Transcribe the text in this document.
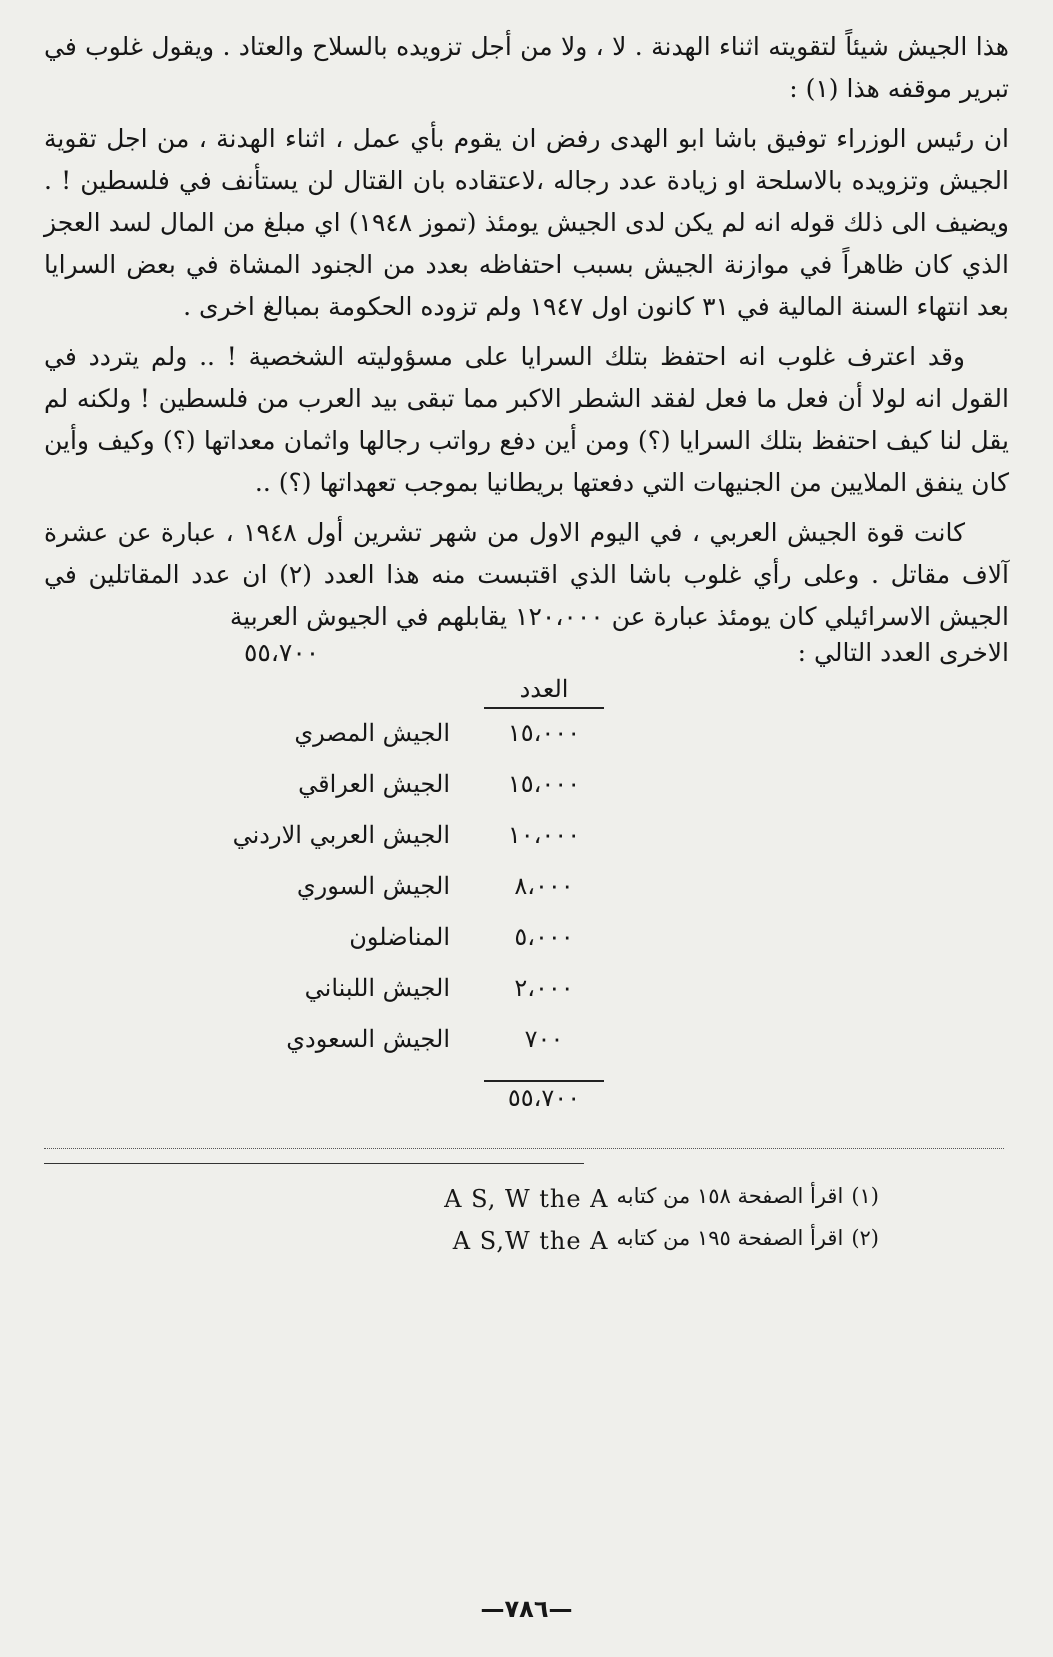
هذا الجيش شيئاً لتقويته اثناء الهدنة . لا ، ولا من أجل تزويده بالسلاح والعتاد . ويقول غلوب في تبرير موقفه هذا (١) :

ان رئيس الوزراء توفيق باشا ابو الهدى رفض ان يقوم بأي عمل ، اثناء الهدنة ، من اجل تقوية الجيش وتزويده بالاسلحة او زيادة عدد رجاله ،لاعتقاده بان القتال لن يستأنف في فلسطين ! . ويضيف الى ذلك قوله انه لم يكن لدى الجيش يومئذ (تموز ١٩٤٨) اي مبلغ من المال لسد العجز الذي كان ظاهراً في موازنة الجيش بسبب احتفاظه بعدد من الجنود المشاة في بعض السرايا بعد انتهاء السنة المالية في ٣١ كانون اول ١٩٤٧ ولم تزوده الحكومة بمبالغ اخرى .

وقد اعترف غلوب انه احتفظ بتلك السرايا على مسؤوليته الشخصية ! .. ولم يتردد في القول انه لولا أن فعل ما فعل لفقد الشطر الاكبر مما تبقى بيد العرب من فلسطين ! ولكنه لم يقل لنا كيف احتفظ بتلك السرايا (؟) ومن أين دفع رواتب رجالها واثمان معداتها (؟) وكيف وأين كان ينفق الملايين من الجنيهات التي دفعتها بريطانيا بموجب تعهداتها (؟) ..

كانت قوة الجيش العربي ، في اليوم الاول من شهر تشرين أول ١٩٤٨ ، عبارة عن عشرة آلاف مقاتل . وعلى رأي غلوب باشا الذي اقتبست منه هذا العدد (٢) ان عدد المقاتلين في الجيش الاسرائيلي كان يومئذ عبارة عن ١٢٠،٠٠٠ يقابلهم في الجيوش العربية

الاخرى العدد التالي :
٥٥،٧٠٠
العدد
١٥،٠٠٠
الجيش المصري
١٥،٠٠٠
الجيش العراقي
١٠،٠٠٠
الجيش العربي الاردني
٨،٠٠٠
الجيش السوري
٥،٠٠٠
المناضلون
٢،٠٠٠
الجيش اللبناني
٧٠٠
الجيش السعودي
٥٥،٧٠٠
(١)
اقرأ الصفحة ١٥٨ من كتابه
A S, W the A
(٢)
اقرأ الصفحة ١٩٥ من كتابه
A S,W the A
—٧٨٦—
